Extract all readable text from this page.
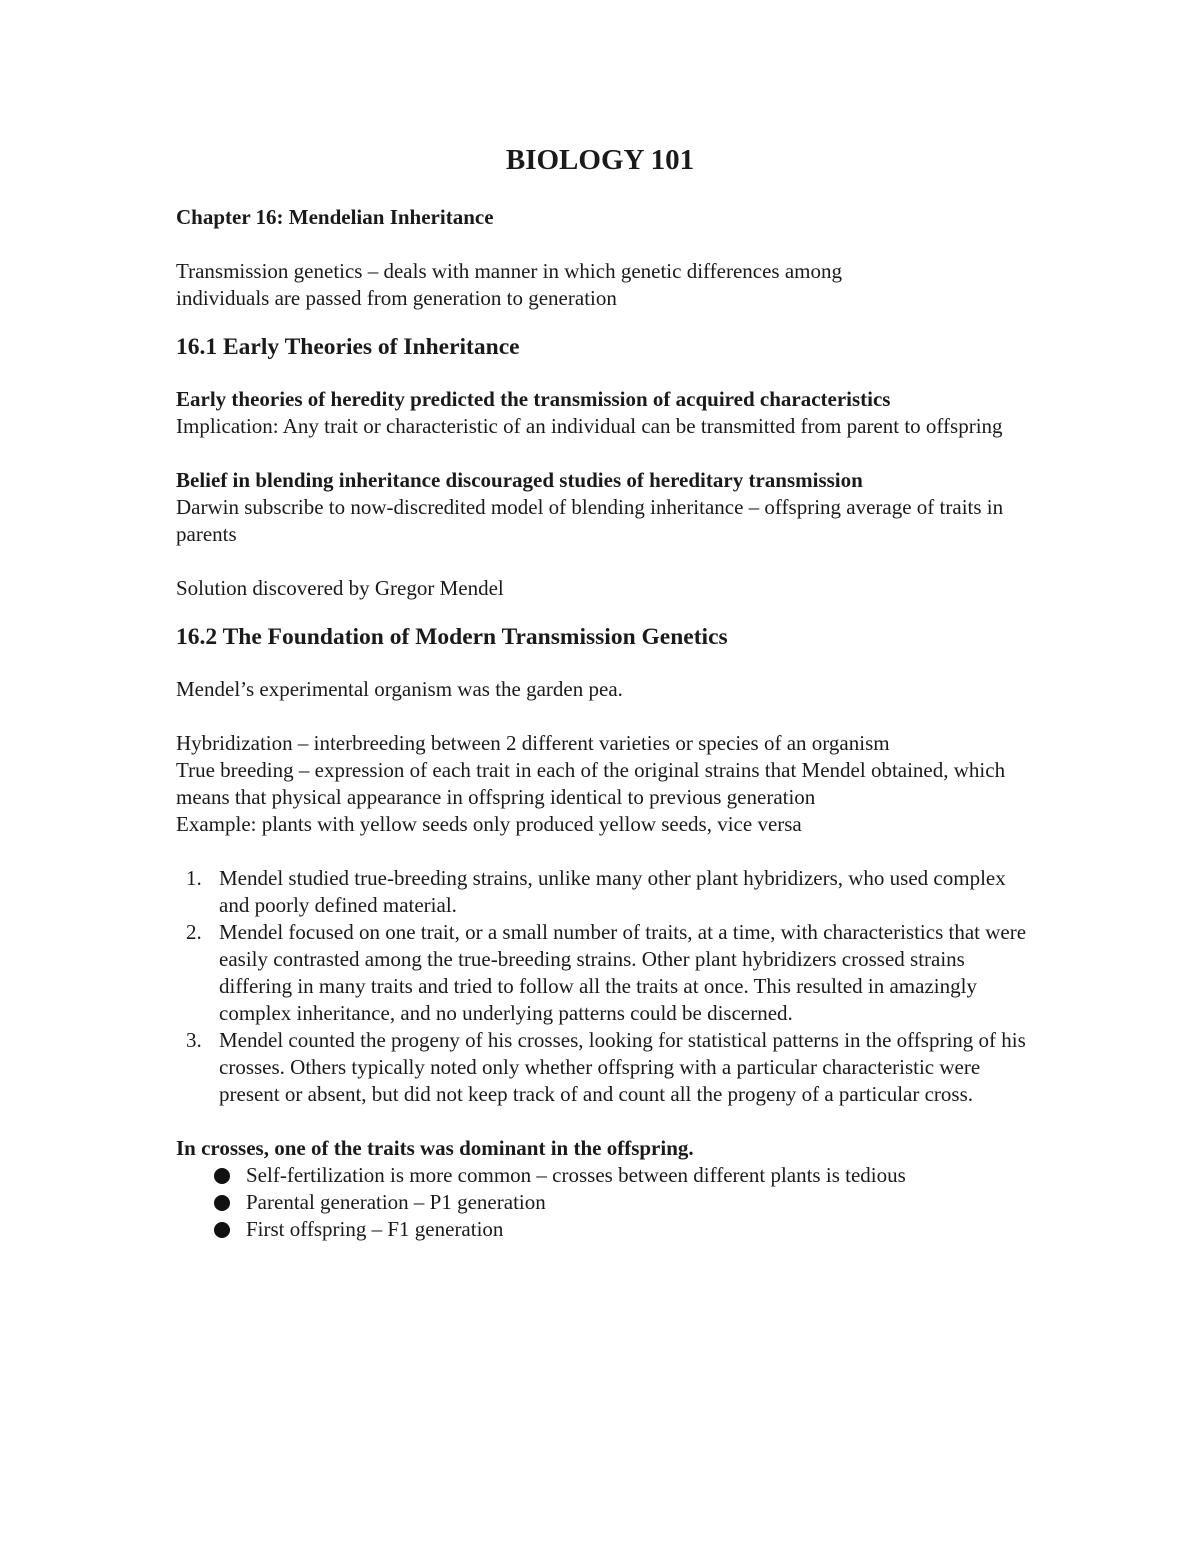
BIOLOGY 101

Chapter 16: Mendelian Inheritance

Transmission genetics – deals with manner in which genetic differences among

individuals are passed from generation to generation

16.1 Early Theories of Inheritance

Early theories of heredity predicted the transmission of acquired characteristics

Implication: Any trait or characteristic of an individual can be transmitted from parent to offspring

Belief in blending inheritance discouraged studies of hereditary transmission

Darwin subscribe to now-discredited model of blending inheritance – offspring average of traits in parents

Solution discovered by Gregor Mendel

16.2 The Foundation of Modern Transmission Genetics

Mendel’s experimental organism was the garden pea.

Hybridization – interbreeding between 2 different varieties or species of an organism

True breeding – expression of each trait in each of the original strains that Mendel obtained, which means that physical appearance in offspring identical to previous generation

Example: plants with yellow seeds only produced yellow seeds, vice versa

1. Mendel studied true-breeding strains, unlike many other plant hybridizers, who used complex and poorly defined material.
2. Mendel focused on one trait, or a small number of traits, at a time, with characteristics that were easily contrasted among the true-breeding strains. Other plant hybridizers crossed strains differing in many traits and tried to follow all the traits at once. This resulted in amazingly complex inheritance, and no underlying patterns could be discerned.
3. Mendel counted the progeny of his crosses, looking for statistical patterns in the offspring of his crosses. Others typically noted only whether offspring with a particular characteristic were present or absent, but did not keep track of and count all the progeny of a particular cross.

In crosses, one of the traits was dominant in the offspring.

Self-fertilization is more common – crosses between different plants is tedious
Parental generation – P1 generation
First offspring – F1 generation
